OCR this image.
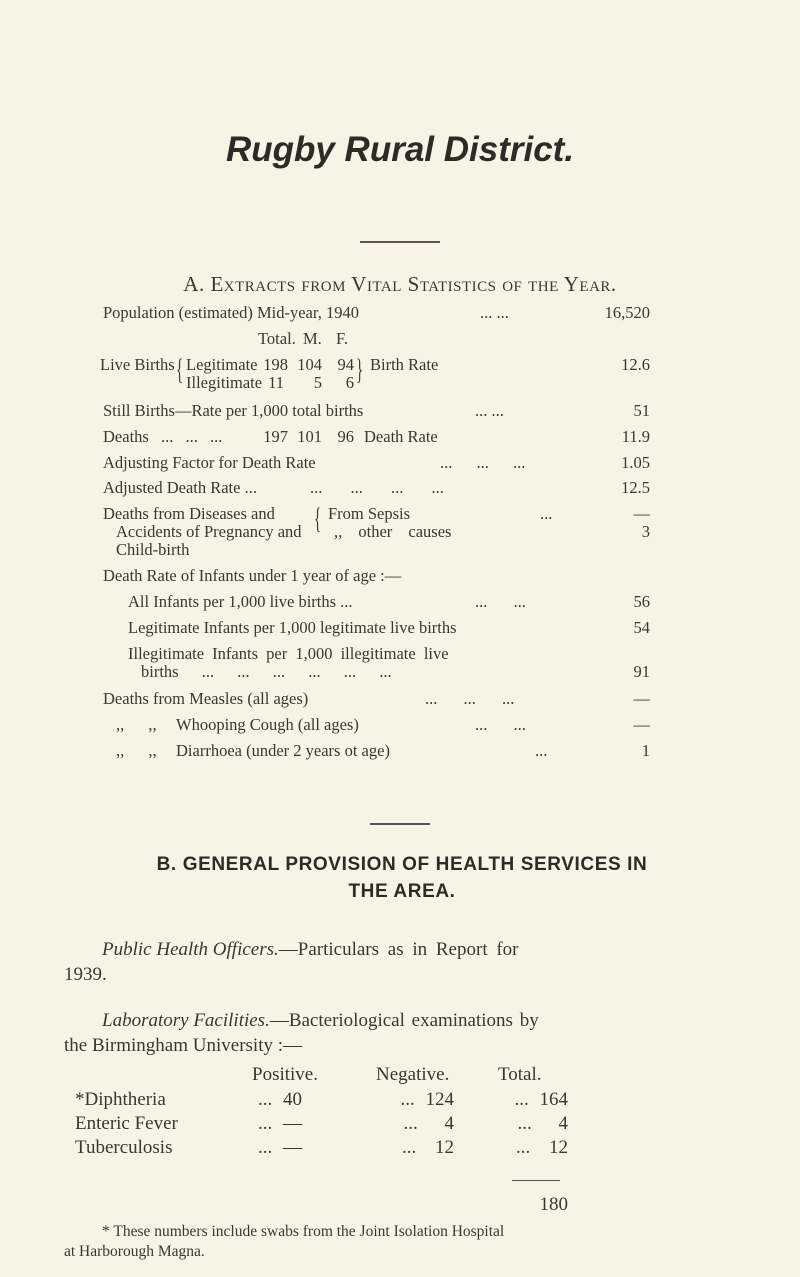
Rugby Rural District.
A. Extracts from Vital Statistics of the Year.
Population (estimated) Mid-year, 1940	... ...	16,520
Total. M. F.
Live Births { Legitimate 198 104 94
Illegitimate 11 5 6 } Birth Rate	12.6
Still Births—Rate per 1,000 total births	... ...	51
Deaths ... ... ... 197 101 96 Death Rate	11.9
Adjusting Factor for Death Rate	... ... ...	1.05
Adjusted Death Rate ...	... ... ... ...	12.5
Deaths from Diseases and
Accidents of Pregnancy and
Child-birth
{ From Sepsis	...	—
,, other causes	3
Death Rate of Infants under 1 year of age :—
All Infants per 1,000 live births ...	... ...	56
Legitimate Infants per 1,000 legitimate live births	54
Illegitimate Infants per 1,000 illegitimate live
births ... ... ... ... ... ...	91
Deaths from Measles (all ages)	... ... ...	—
,, ,, Whooping Cough (all ages)	... ...	—
,, ,, Diarrhoea (under 2 years ot age)	...	1
B. GENERAL PROVISION OF HEALTH SERVICES IN
THE AREA.
Public Health Officers.—Particulars as in Report for
1939.
Laboratory Facilities.—Bacteriological examinations by
the Birmingham University :—
Positive.	Negative.	Total.
*Diphtheria	... 40	... 124	... 164
Enteric Fever	... —	... 4	... 4
Tuberculosis	... —	... 12	... 12
180
* These numbers include swabs from the Joint Isolation Hospital
at Harborough Magna.
